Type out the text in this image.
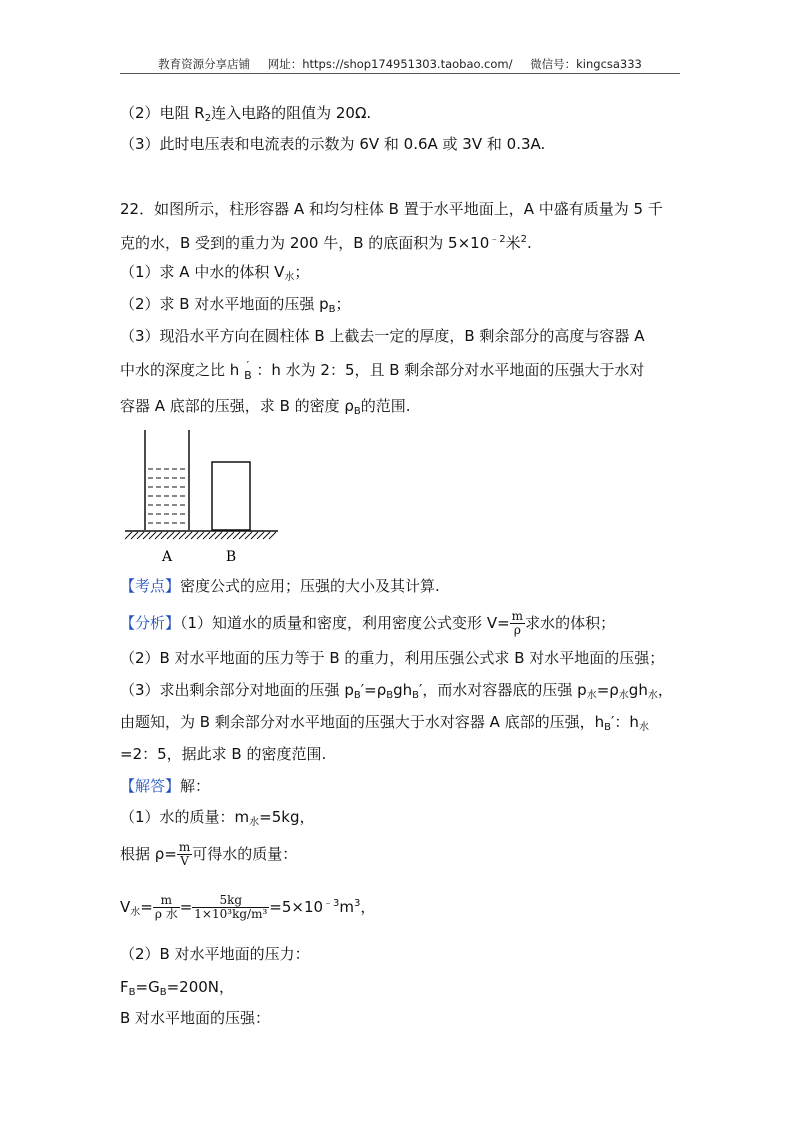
教育资源分享店铺 网址：https://shop174951303.taobao.com/ 微信号：kingcsa333
（2）电阻 $R_2$连入电路的阻值为 20Ω.
（3）此时电压表和电流表的示数为 6V 和 0.6A 或 3V 和 0.3A.
22．如图所示，柱形容器 A 和均匀柱体 B 置于水平地面上，A 中盛有质量为 5 千
克的水，B 受到的重力为 200 牛，B 的底面积为 $5\times 10^{﹣2}$米$^2$.
（1）求 A 中水的体积 $V_水$；
（2）求 B 对水平地面的压强 $p_B$；
（3）现沿水平方向在圆柱体 B 上截去一定的厚度，B 剩余部分的高度与容器 A
中水的深度之比 h ′
B ：h 水为 2：5，且 B 剩余部分对水平地面的压强大于水对
容器 A 底部的压强，求 B 的密度 $\rho_B$的范围.
A	B
【考点】密度公式的应用；压强的大小及其计算.
【分析】（1）知道水的质量和密度，利用密度公式变形 $V= \frac{m}{\rho}$ 求水的体积；
（2）B 对水平地面的压力等于 B 的重力，利用压强公式求 B 对水平地面的压强；
（3）求出剩余部分对地面的压强 $p_B'=\rho_Bgh_B'$，而水对容器底的压强 $p_水=\rho_水gh_水$，
由题知，为 B 剩余部分对水平地面的压强大于水对容器 A 底部的压强，$h_B'$：$h_水$
=2：5，据此求 B 的密度范围.
【解答】解：
（1）水的质量：$m_水=5kg$，
根据 $\rho= \frac{m}{V}$ 可得水的质量：
$V_水= \frac{m}{\text{ρ 水}} = \frac{5kg}{\text{1×10³kg/m³}} =5\times 10^{﹣3}m^3$，
（2）B 对水平地面的压力：
$F_B=G_B=200N$，
B 对水平地面的压强：
